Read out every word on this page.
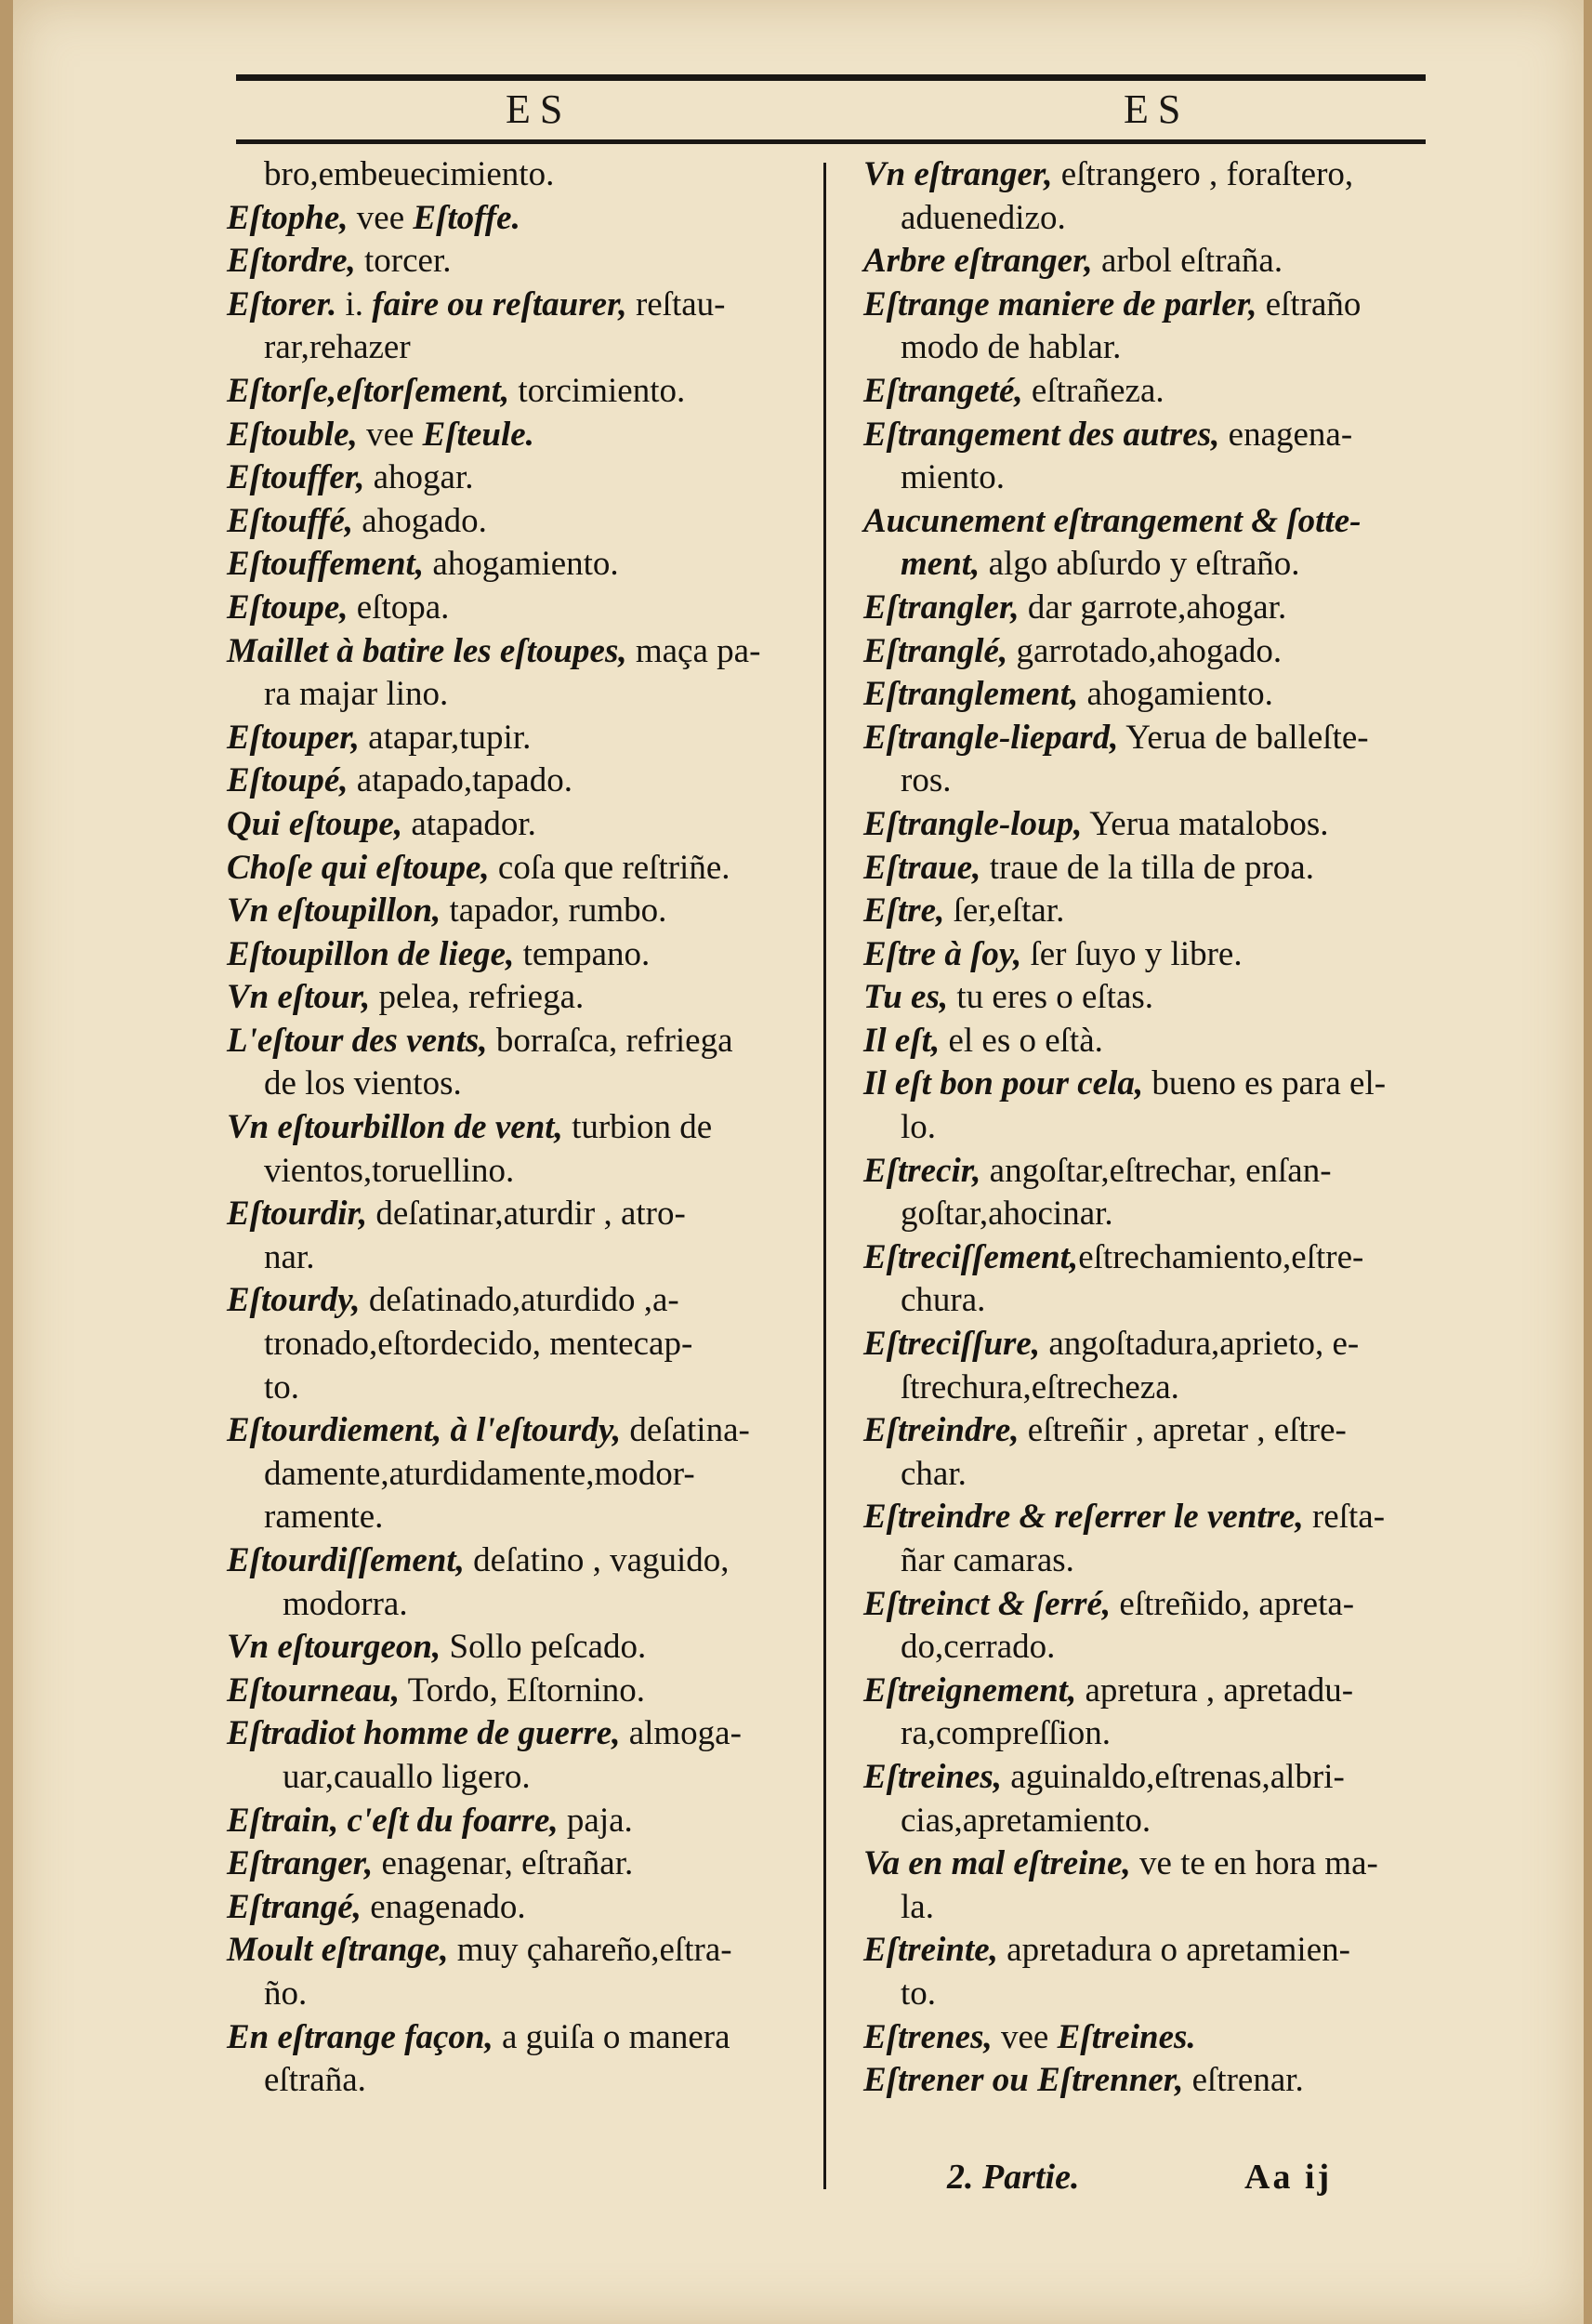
ES	ES
bro,embeuecimiento.
Eſtophe, vee Eſtoffe.
Eſtordre, torcer.
Eſtorer. i. faire ou reſtaurer, reſtau-
rar,rehazer
Eſtorſe,eſtorſement, torcimiento.
Eſtouble, vee Eſteule.
Eſtouffer, ahogar.
Eſtouffé, ahogado.
Eſtouffement, ahogamiento.
Eſtoupe, eſtopa.
Maillet à batire les eſtoupes, maça pa-
ra majar lino.
Eſtouper, atapar,tupir.
Eſtoupé, atapado,tapado.
Qui eſtoupe, atapador.
Choſe qui eſtoupe, coſa que reſtriñe.
Vn eſtoupillon, tapador, rumbo.
Eſtoupillon de liege, tempano.
Vn eſtour, pelea, refriega.
L'eſtour des vents, borraſca, refriega
de los vientos.
Vn eſtourbillon de vent, turbion de
vientos,toruellino.
Eſtourdir, deſatinar,aturdir , atro-
nar.
Eſtourdy, deſatinado,aturdido ,a-
tronado,eſtordecido, mentecap-
to.
Eſtourdiement, à l'eſtourdy, deſatina-
damente,aturdidamente,modor-
ramente.
Eſtourdiſſement, deſatino , vaguido,
modorra.
Vn eſtourgeon, Sollo peſcado.
Eſtourneau, Tordo, Eſtornino.
Eſtradiot homme de guerre, almoga-
uar,cauallo ligero.
Eſtrain, c'eſt du foarre, paja.
Eſtranger, enagenar, eſtrañar.
Eſtrangé, enagenado.
Moult eſtrange, muy çahareño,eſtra-
ño.
En eſtrange façon, a guiſa o manera
eſtraña.
Vn eſtranger, eſtrangero , foraſtero,
aduenedizo.
Arbre eſtranger, arbol eſtraña.
Eſtrange maniere de parler, eſtraño
modo de hablar.
Eſtrangeté, eſtrañeza.
Eſtrangement des autres, enagena-
miento.
Aucunement eſtrangement & ſotte-
ment, algo abſurdo y eſtraño.
Eſtrangler, dar garrote,ahogar.
Eſtranglé, garrotado,ahogado.
Eſtranglement, ahogamiento.
Eſtrangle-liepard, Yerua de balleſte-
ros.
Eſtrangle-loup, Yerua matalobos.
Eſtraue, traue de la tilla de proa.
Eſtre, ſer,eſtar.
Eſtre à ſoy, ſer ſuyo y libre.
Tu es, tu eres o eſtas.
Il eſt, el es o eſtà.
Il eſt bon pour cela, bueno es para el-
lo.
Eſtrecir, angoſtar,eſtrechar, enſan-
goſtar,ahocinar.
Eſtreciſſement,eſtrechamiento,eſtre-
chura.
Eſtreciſſure, angoſtadura,aprieto, e-
ſtrechura,eſtrecheza.
Eſtreindre, eſtreñir , apretar , eſtre-
char.
Eſtreindre & reſerrer le ventre, reſta-
ñar camaras.
Eſtreinct & ſerré, eſtreñido, apreta-
do,cerrado.
Eſtreignement, apretura , apretadu-
ra,compreſſion.
Eſtreines, aguinaldo,eſtrenas,albri-
cias,apretamiento.
Va en mal eſtreine, ve te en hora ma-
la.
Eſtreinte, apretadura o apretamien-
to.
Eſtrenes, vee Eſtreines.
Eſtrener ou Eſtrenner, eſtrenar.
2. Partie.	Aa ij
